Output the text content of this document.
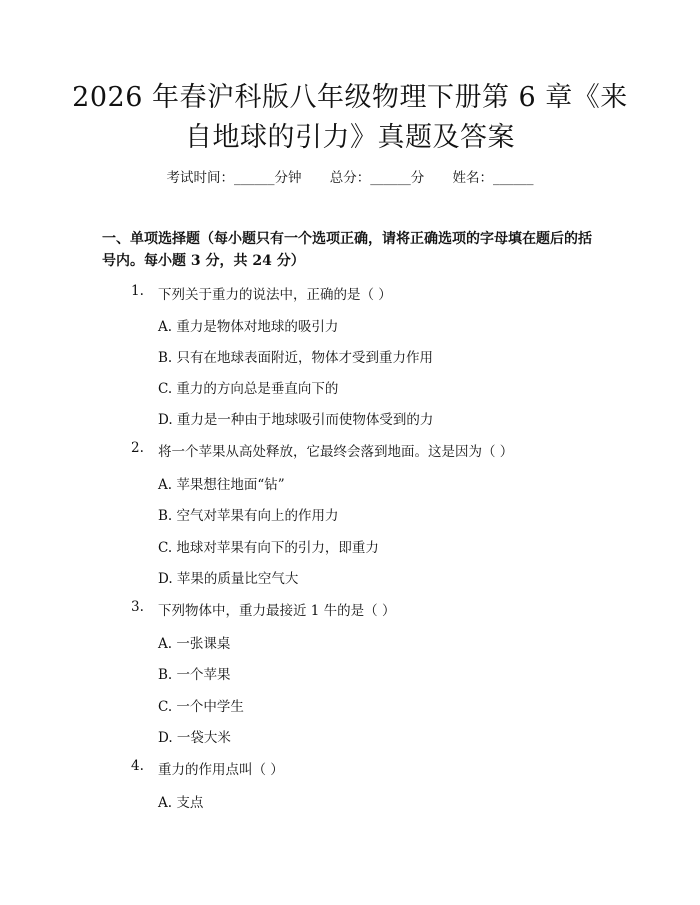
2026 年春沪科版八年级物理下册第 6 章《来
自地球的引力》真题及答案
考试时间：______分钟 总分：______分 姓名：______
一、单项选择题（每小题只有一个选项正确，请将正确选项的字母填在题后的括
号内。每小题 3 分，共 24 分）
1. 下列关于重力的说法中，正确的是（ ）
A. 重力是物体对地球的吸引力
B. 只有在地球表面附近，物体才受到重力作用
C. 重力的方向总是垂直向下的
D. 重力是一种由于地球吸引而使物体受到的力
2. 将一个苹果从高处释放，它最终会落到地面。这是因为（ ）
A. 苹果想往地面“钻”
B. 空气对苹果有向上的作用力
C. 地球对苹果有向下的引力，即重力
D. 苹果的质量比空气大
3. 下列物体中，重力最接近 1 牛的是（ ）
A. 一张课桌
B. 一个苹果
C. 一个中学生
D. 一袋大米
4. 重力的作用点叫（ ）
A. 支点
